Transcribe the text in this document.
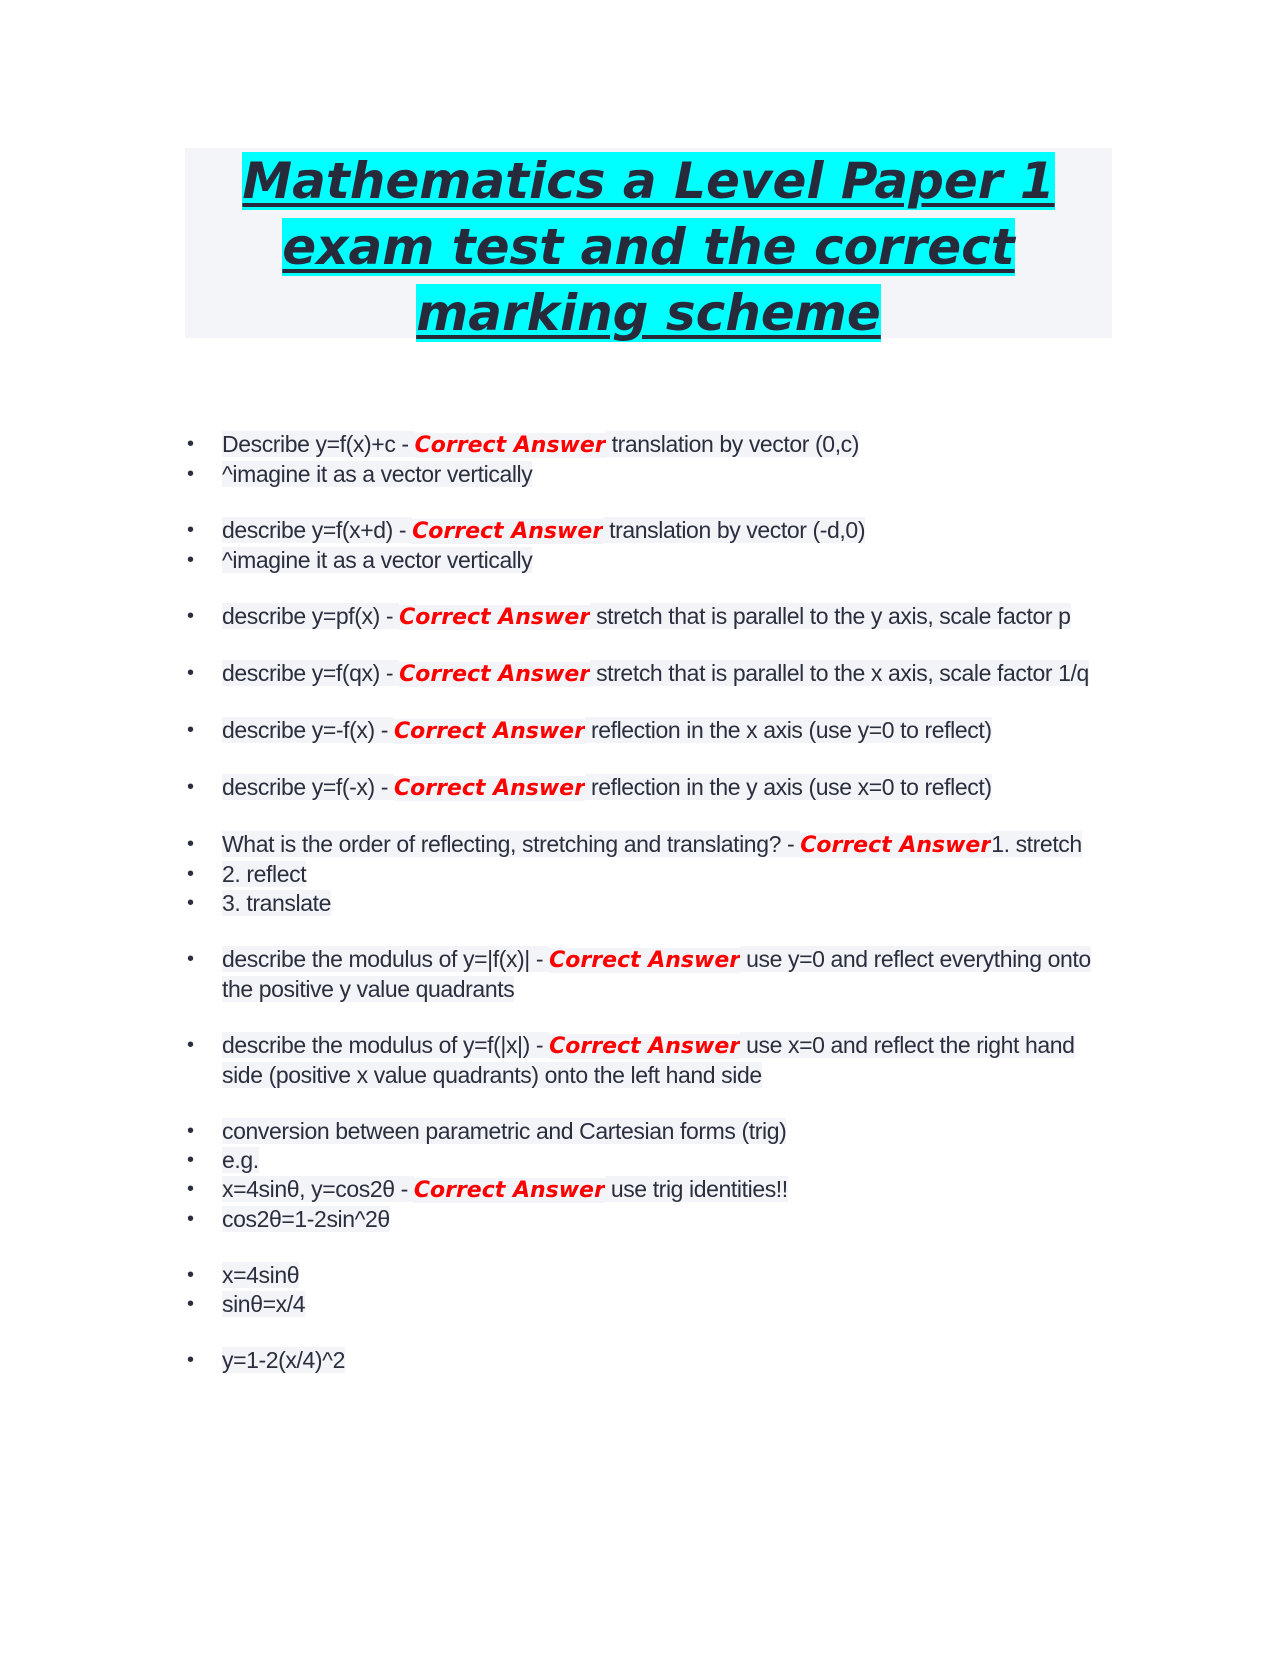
Mathematics a Level Paper 1
exam test and the correct
marking scheme
• Describe y=f(x)+c - Correct Answer translation by vector (0,c)
• ^imagine it as a vector vertically
• describe y=f(x+d) - Correct Answer translation by vector (-d,0)
• ^imagine it as a vector vertically
• describe y=pf(x) - Correct Answer stretch that is parallel to the y axis, scale factor p
• describe y=f(qx) - Correct Answer stretch that is parallel to the x axis, scale factor 1/q
• describe y=-f(x) - Correct Answer reflection in the x axis (use y=0 to reflect)
• describe y=f(-x) - Correct Answer reflection in the y axis (use x=0 to reflect)
• What is the order of reflecting, stretching and translating? - Correct Answer1. stretch
• 2. reflect
• 3. translate
• describe the modulus of y=|f(x)| - Correct Answer use y=0 and reflect everything onto the positive y value quadrants
• describe the modulus of y=f(|x|) - Correct Answer use x=0 and reflect the right hand side (positive x value quadrants) onto the left hand side
• conversion between parametric and Cartesian forms (trig)
• e.g.
• x=4sinθ, y=cos2θ - Correct Answer use trig identities!!
• cos2θ=1-2sin^2θ
• x=4sinθ
• sinθ=x/4
• y=1-2(x/4)^2
